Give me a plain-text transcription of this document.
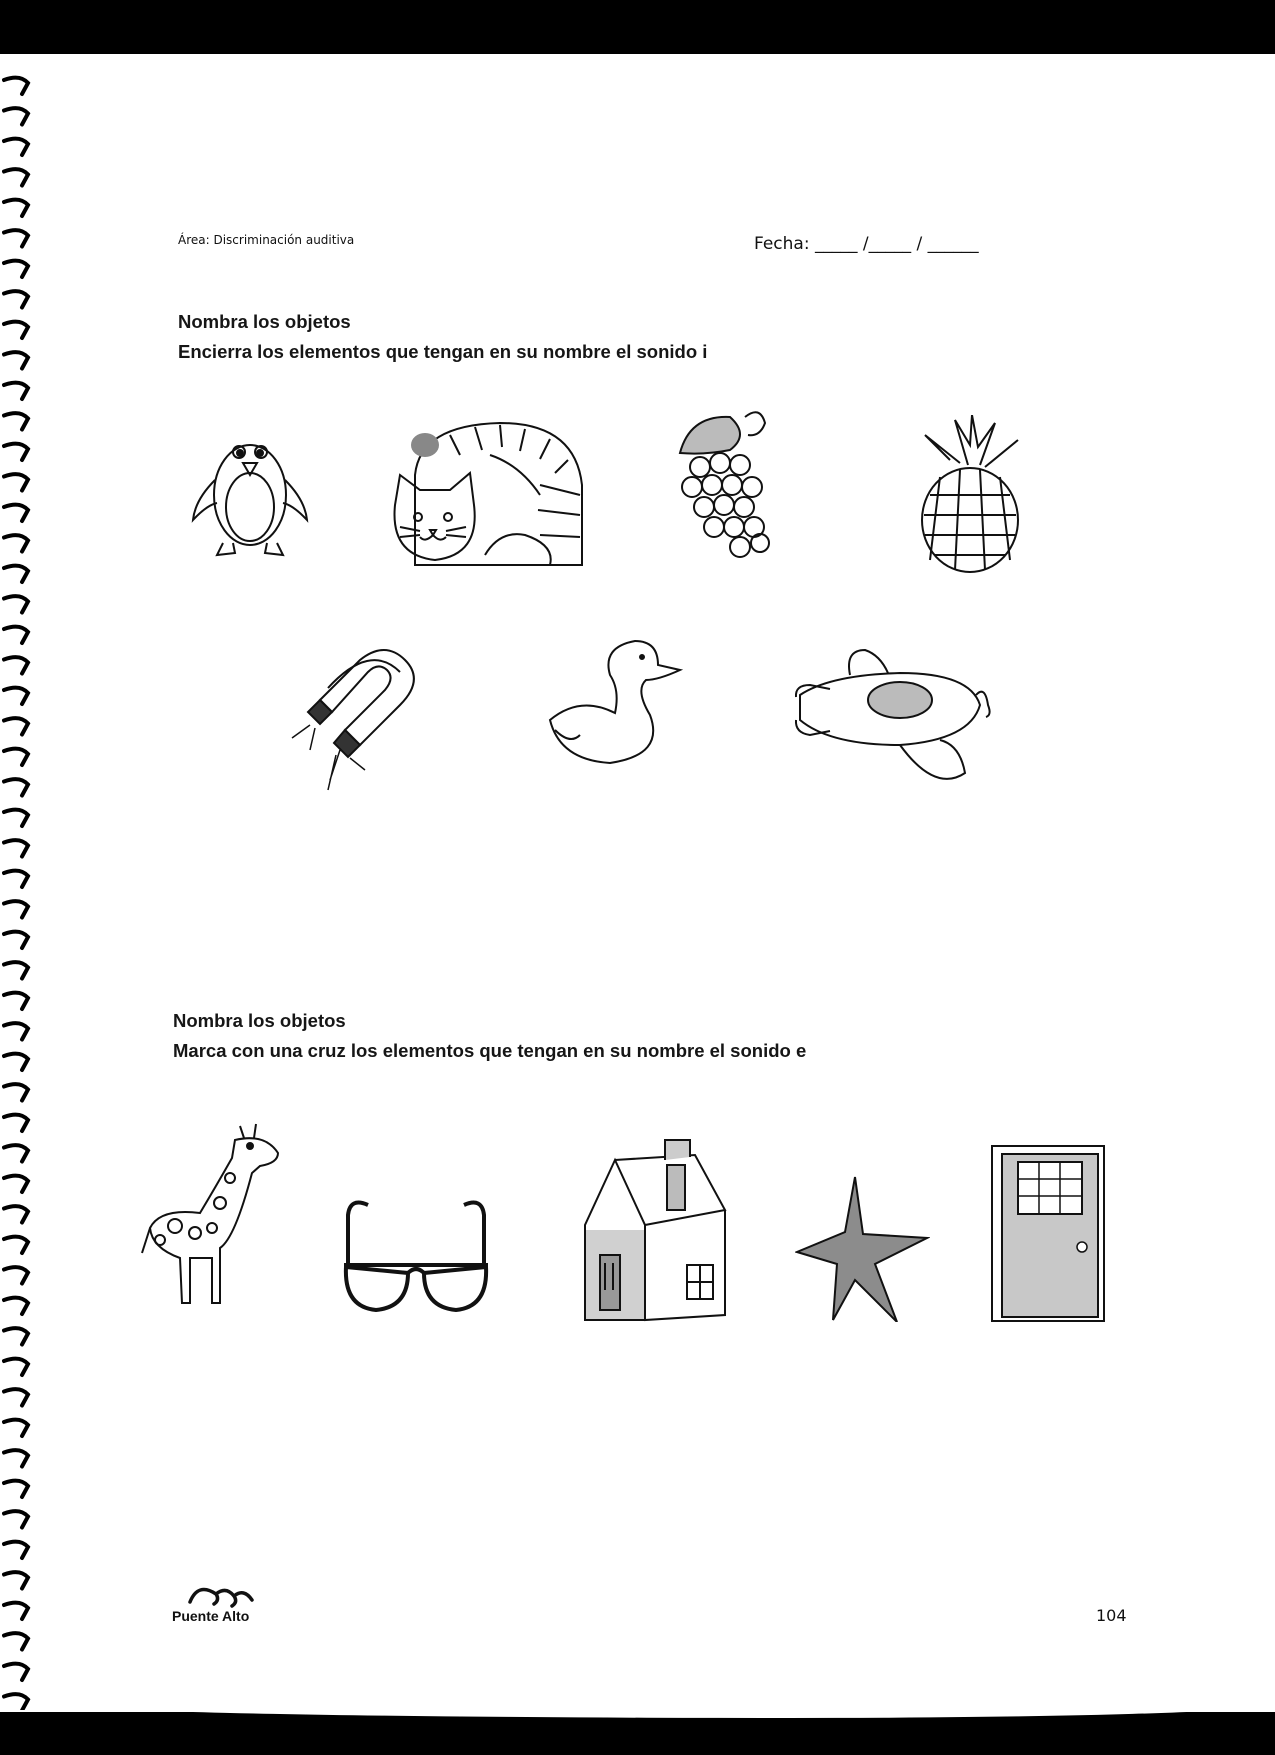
Área: Discriminación auditiva	Fecha: _____ /_____ / ______
Nombra los objetos
Encierra los elementos que tengan en su nombre el sonido i
Nombra los objetos
Marca con una cruz los elementos que tengan en su nombre el sonido e
Puente Alto	104
